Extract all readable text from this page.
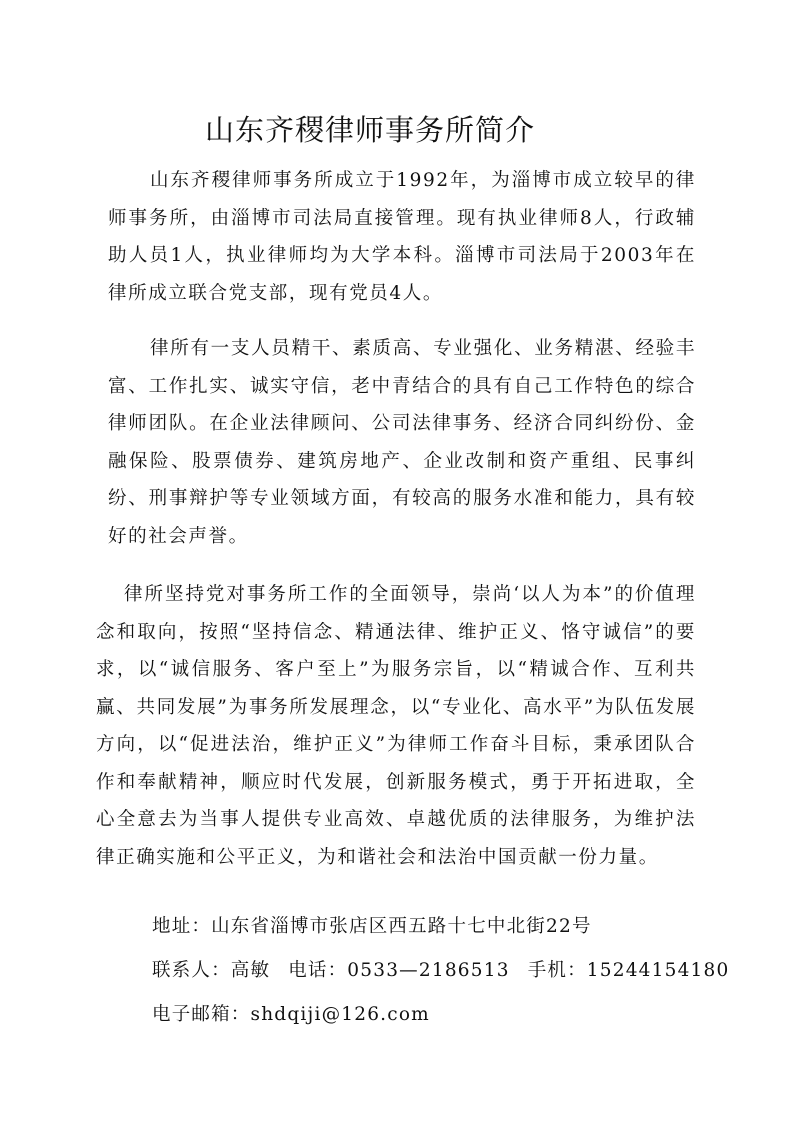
山东齐稷律师事务所简介

山东齐稷律师事务所成立于1992年，为淄博市成立较早的律师事务所，由淄博市司法局直接管理。现有执业律师8人，行政辅助人员1人，执业律师均为大学本科。淄博市司法局于2003年在律所成立联合党支部，现有党员4人。

律所有一支人员精干、素质高、专业强化、业务精湛、经验丰富、工作扎实、诚实守信，老中青结合的具有自己工作特色的综合律师团队。在企业法律顾问、公司法律事务、经济合同纠纷份、金融保险、股票债券、建筑房地产、企业改制和资产重组、民事纠纷、刑事辩护等专业领域方面，有较高的服务水准和能力，具有较好的社会声誉。

律所坚持党对事务所工作的全面领导，崇尚‘以人为本”的价值理念和取向，按照“坚持信念、精通法律、维护正义、恪守诚信”的要求，以“诚信服务、客户至上”为服务宗旨，以“精诚合作、互利共赢、共同发展”为事务所发展理念，以“专业化、高水平”为队伍发展方向，以“促进法治，维护正义”为律师工作奋斗目标，秉承团队合作和奉献精神，顺应时代发展，创新服务模式，勇于开拓进取，全心全意去为当事人提供专业高效、卓越优质的法律服务，为维护法律正确实施和公平正义，为和谐社会和法治中国贡献一份力量。

地址：山东省淄博市张店区西五路十七中北街22号

联系人：高敏 电话：0533—2186513 手机：15244154180

电子邮箱：shdqiji@126.com
